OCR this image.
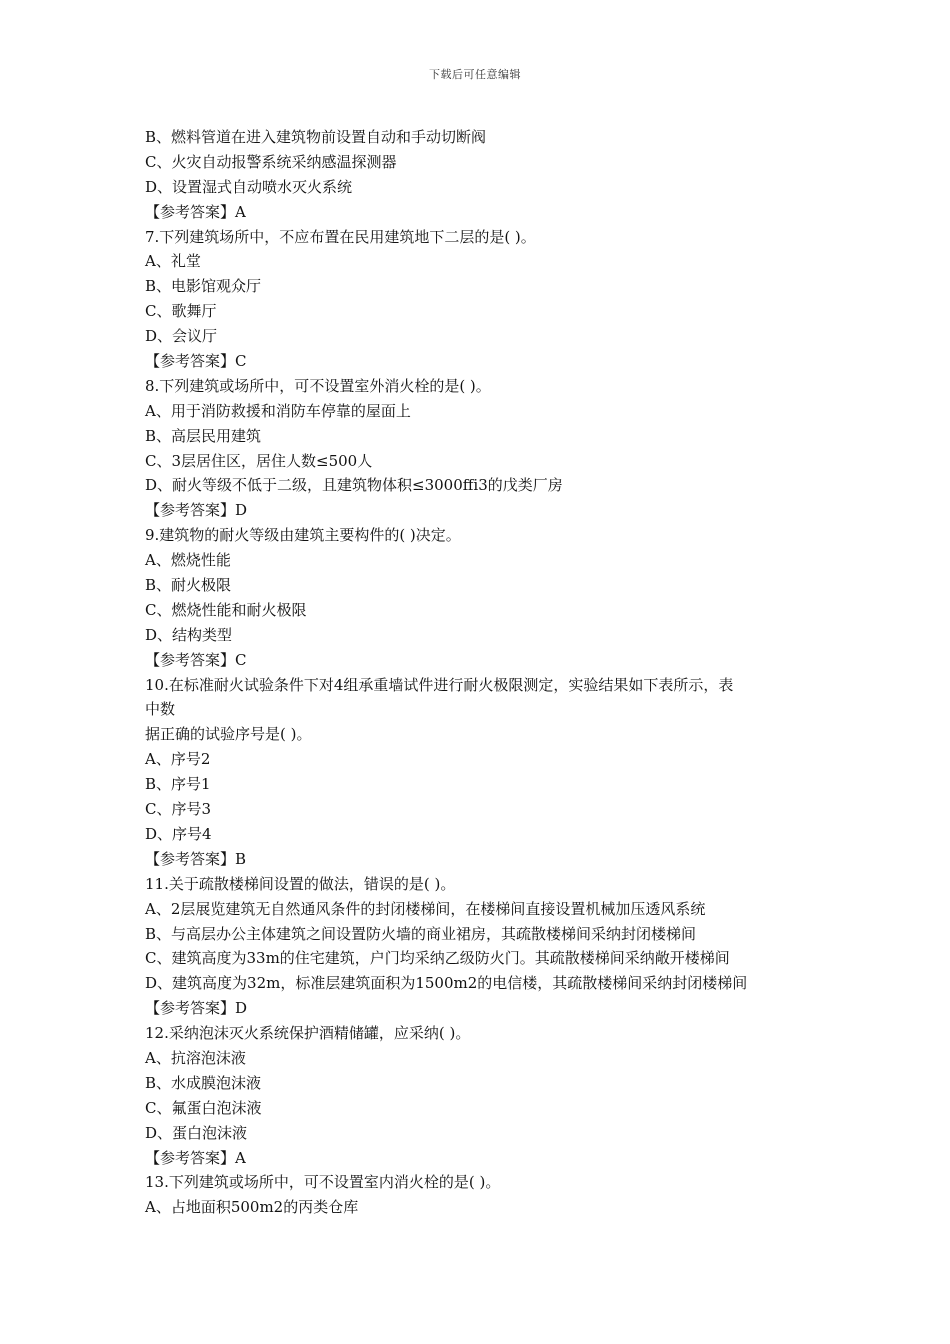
下载后可任意编辑
B、燃料管道在进入建筑物前设置自动和手动切断阀
C、火灾自动报警系统采纳感温探测器
D、设置湿式自动喷水灭火系统
【参考答案】A
7.下列建筑场所中，不应布置在民用建筑地下二层的是( )。
A、礼堂
B、电影馆观众厅
C、歌舞厅
D、会议厅
【参考答案】C
8.下列建筑或场所中，可不设置室外消火栓的是( )。
A、用于消防救援和消防车停靠的屋面上
B、高层民用建筑
C、3层居住区，居住人数≤500人
D、耐火等级不低于二级，且建筑物体积≤3000ffi3的戊类厂房
【参考答案】D
9.建筑物的耐火等级由建筑主要构件的( )决定。
A、燃烧性能
B、耐火极限
C、燃烧性能和耐火极限
D、结构类型
【参考答案】C
10.在标准耐火试验条件下对4组承重墙试件进行耐火极限测定，实验结果如下表所示，表
中数
据正确的试验序号是( )。
A、序号2
B、序号1
C、序号3
D、序号4
【参考答案】B
11.关于疏散楼梯间设置的做法，错误的是( )。
A、2层展览建筑无自然通风条件的封闭楼梯间，在楼梯间直接设置机械加压透风系统
B、与高层办公主体建筑之间设置防火墙的商业裙房，其疏散楼梯间采纳封闭楼梯间
C、建筑高度为33m的住宅建筑，户门均采纳乙级防火门。其疏散楼梯间采纳敞开楼梯间
D、建筑高度为32m，标准层建筑面积为1500m2的电信楼，其疏散楼梯间采纳封闭楼梯间
【参考答案】D
12.采纳泡沫灭火系统保护酒精储罐，应采纳( )。
A、抗溶泡沫液
B、水成膜泡沫液
C、氟蛋白泡沫液
D、蛋白泡沫液
【参考答案】A
13.下列建筑或场所中，可不设置室内消火栓的是( )。
A、占地面积500m2的丙类仓库
